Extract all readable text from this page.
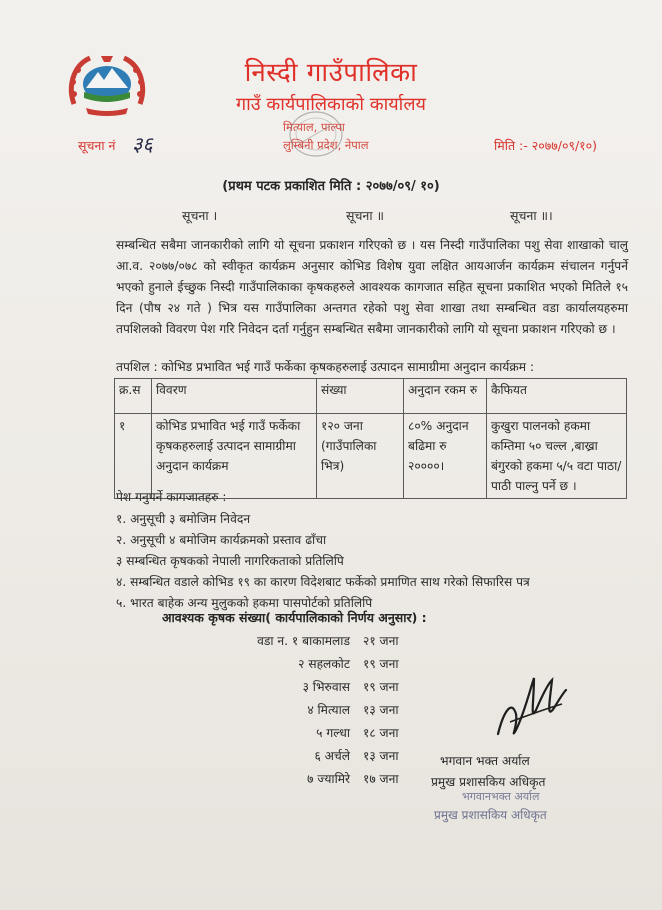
निस्दी गाउँपालिका
गाउँ कार्यपालिकाको कार्यालय
मित्याल, पाल्पा
लुम्बिनी प्रदेश, नेपाल
सूचना नं ३६	मिति :- २०७७/०९/१०)
(प्रथम पटक प्रकाशित मिति : २०७७/०९/ १०)
सूचना ।	सूचना ॥	सूचना ॥।

सम्बन्धित सबैमा जानकारीको लागि यो सूचना प्रकाशन गरिएको छ । यस निस्दी गाउँपालिका पशु सेवा शाखाको चालु आ.व. २०७७/०७८ को स्वीकृत कार्यक्रम अनुसार कोभिड विशेष युवा लक्षित आयआर्जन कार्यक्रम संचालन गर्नुपर्ने भएको हुनाले ईच्छुक निस्दी गाउँपालिकाका कृषकहरुले आवश्यक कागजात सहित सूचना प्रकाशित भएको मितिले १५ दिन (पौष २४ गते ) भित्र यस गाउँपालिका अन्तगत रहेको पशु सेवा शाखा तथा सम्बन्धित वडा कार्यालयहरुमा तपशिलको विवरण पेश गरि निवेदन दर्ता गर्नुहुन सम्बन्धित सबैमा जानकारीको लागि यो सूचना प्रकाशन गरिएको छ ।

तपशिल : कोभिड प्रभावित भई गाउँ फर्केका कृषकहरुलाई उत्पादन सामाग्रीमा अनुदान कार्यक्रम :
क्र.स	विवरण	संख्या	अनुदान रकम रु	कैफियत
१	कोभिड प्रभावित भई गाउँ फर्केका कृषकहरुलाई उत्पादन सामाग्रीमा अनुदान कार्यक्रम	१२० जना (गाउँपालिका भित्र)	८०% अनुदान बढिमा रु २००००।	कुखुरा पालनको हकमा कम्तिमा ५० चल्ल ,बाख्रा बंगुरको हकमा ५/५ वटा पाठा/पाठी पाल्नु पर्ने छ ।
पेश गनुपर्ने कागजातहरु :
१. अनुसूची ३ बमोजिम निवेदन
२. अनुसूची ४ बमोजिम कार्यक्रमको प्रस्ताव ढाँचा
३ सम्बन्धित कृषकको नेपाली नागरिकताको प्रतिलिपि
४. सम्बन्धित वडाले कोभिड १९ का कारण विदेशबाट फर्केको प्रमाणित साथ गरेको सिफारिस पत्र
५. भारत बाहेक अन्य मुलुकको हकमा पासपोर्टको प्रतिलिपि
आवश्यक कृषक संख्या( कार्यपालिकाको निर्णय अनुसार) :
वडा न. १ बाकामलाड २१ जना
२ सहलकोट १९ जना
३ भिरुवास १९ जना
४ मित्याल १३ जना
५ गल्धा १८ जना
६ अर्चले १३ जना
७ ज्यामिरे १७ जना
भगवान भक्त अर्याल
प्रमुख प्रशासकिय अधिकृत
भगवानभक्त अर्याल
प्रमुख प्रशासकिय अधिकृत
